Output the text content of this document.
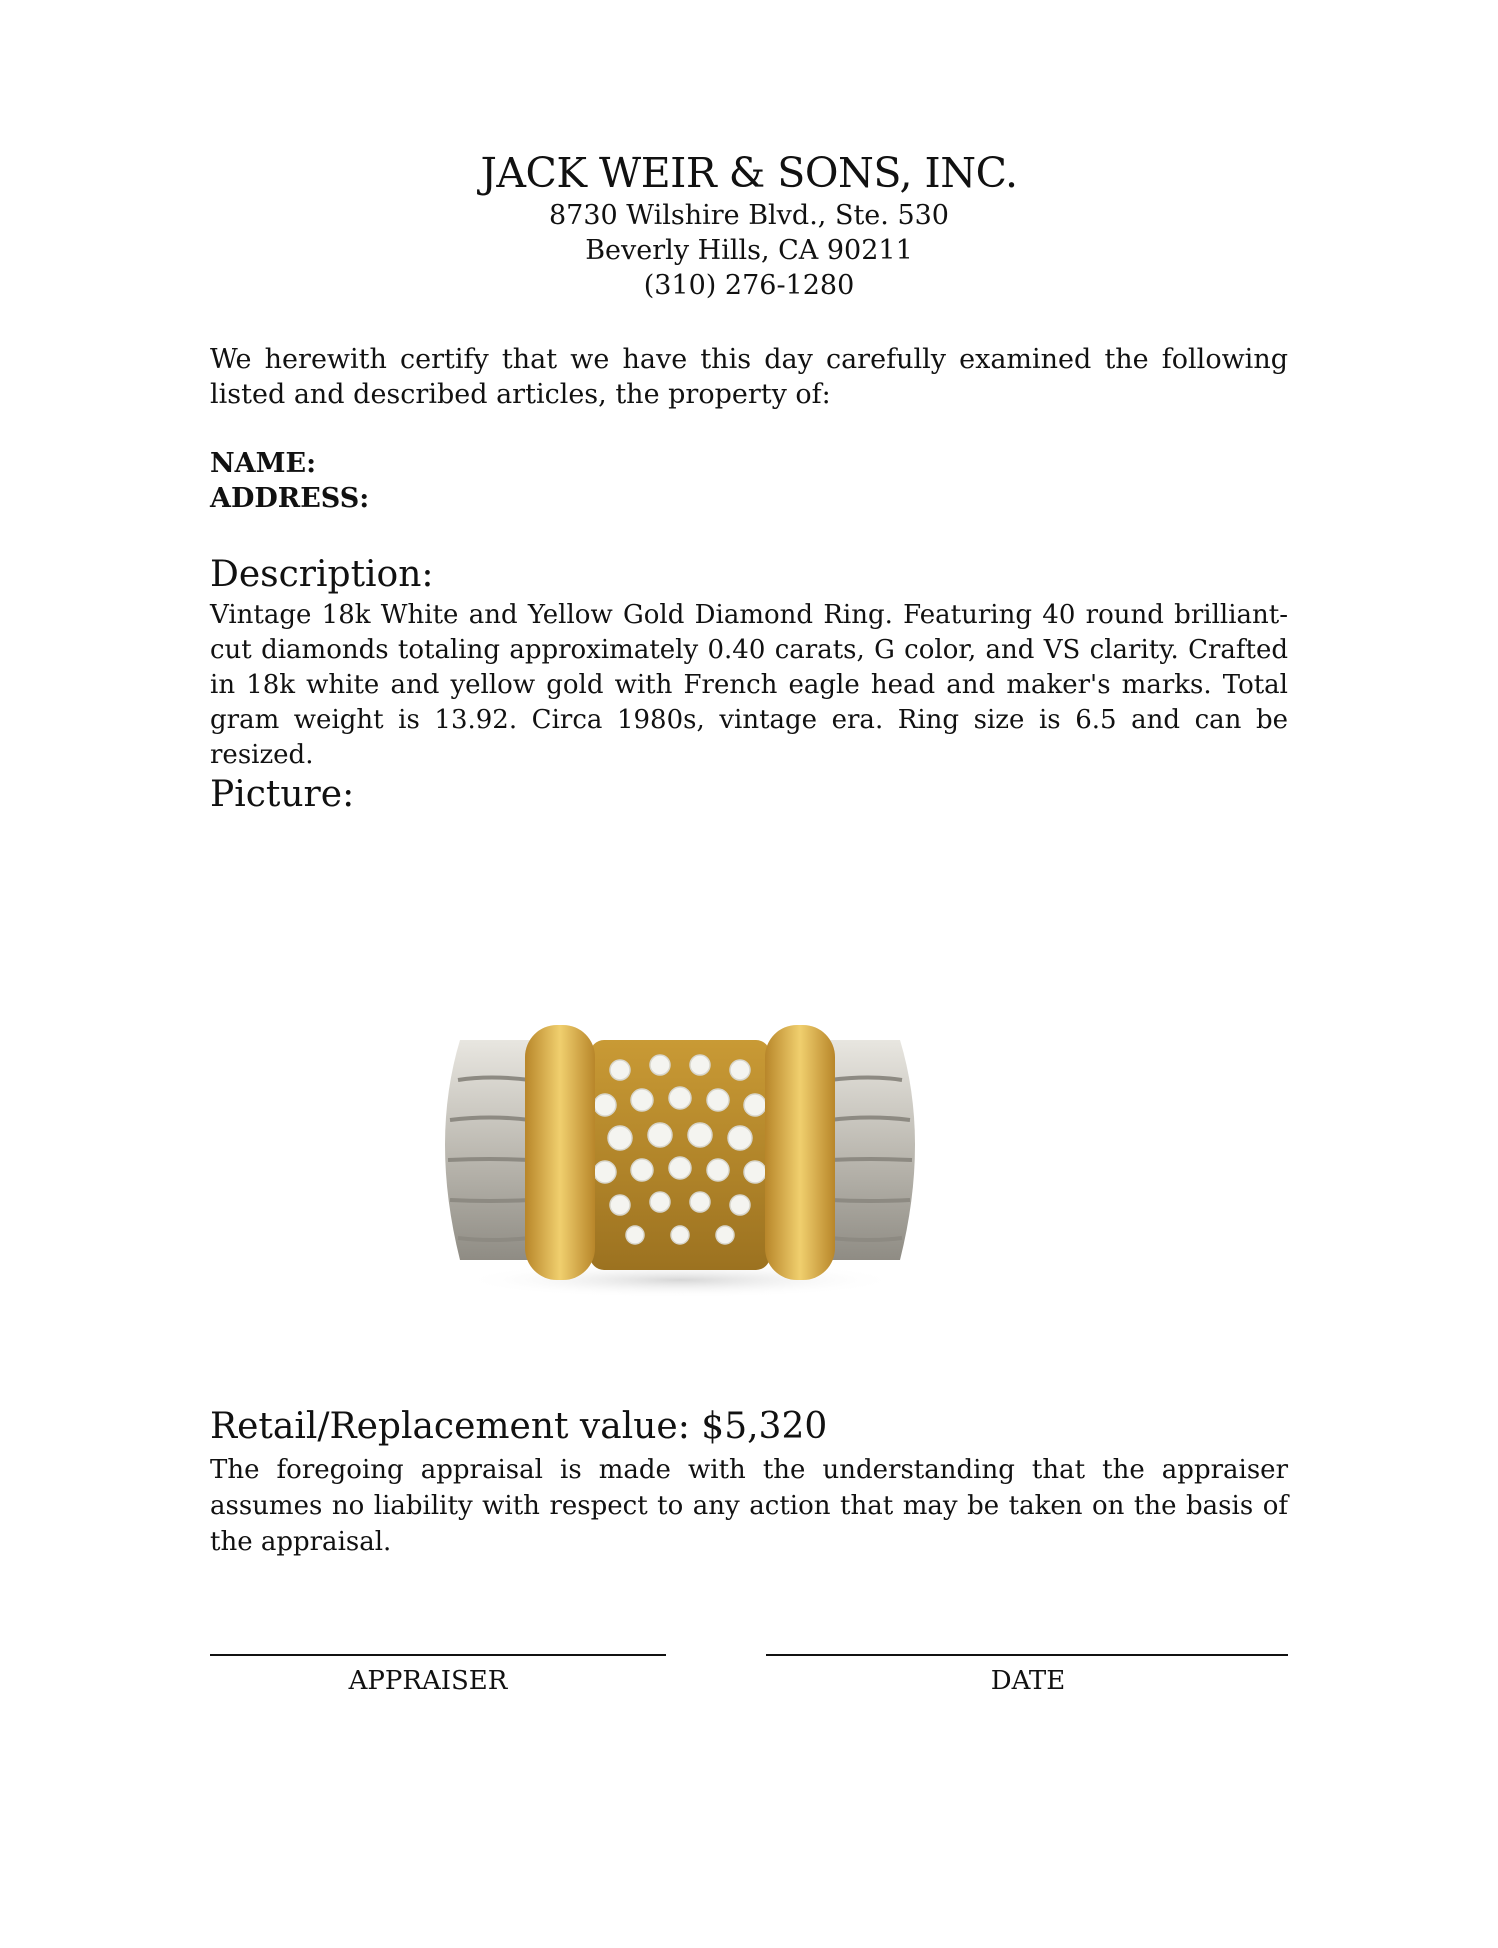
JACK WEIR & SONS, INC.
8730 Wilshire Blvd., Ste. 530
Beverly Hills, CA 90211
(310) 276-1280
We herewith certify that we have this day carefully examined the following listed and described articles, the property of:
NAME:
ADDRESS:
Description:
Vintage 18k White and Yellow Gold Diamond Ring. Featuring 40 round brilliant-cut diamonds totaling approximately 0.40 carats, G color, and VS clarity. Crafted in 18k white and yellow gold with French eagle head and maker's marks. Total gram weight is 13.92. Circa 1980s, vintage era. Ring size is 6.5 and can be resized.
Picture:
Retail/Replacement value: $5,320
The foregoing appraisal is made with the understanding that the appraiser assumes no liability with respect to any action that may be taken on the basis of the appraisal.
APPRAISER	DATE
